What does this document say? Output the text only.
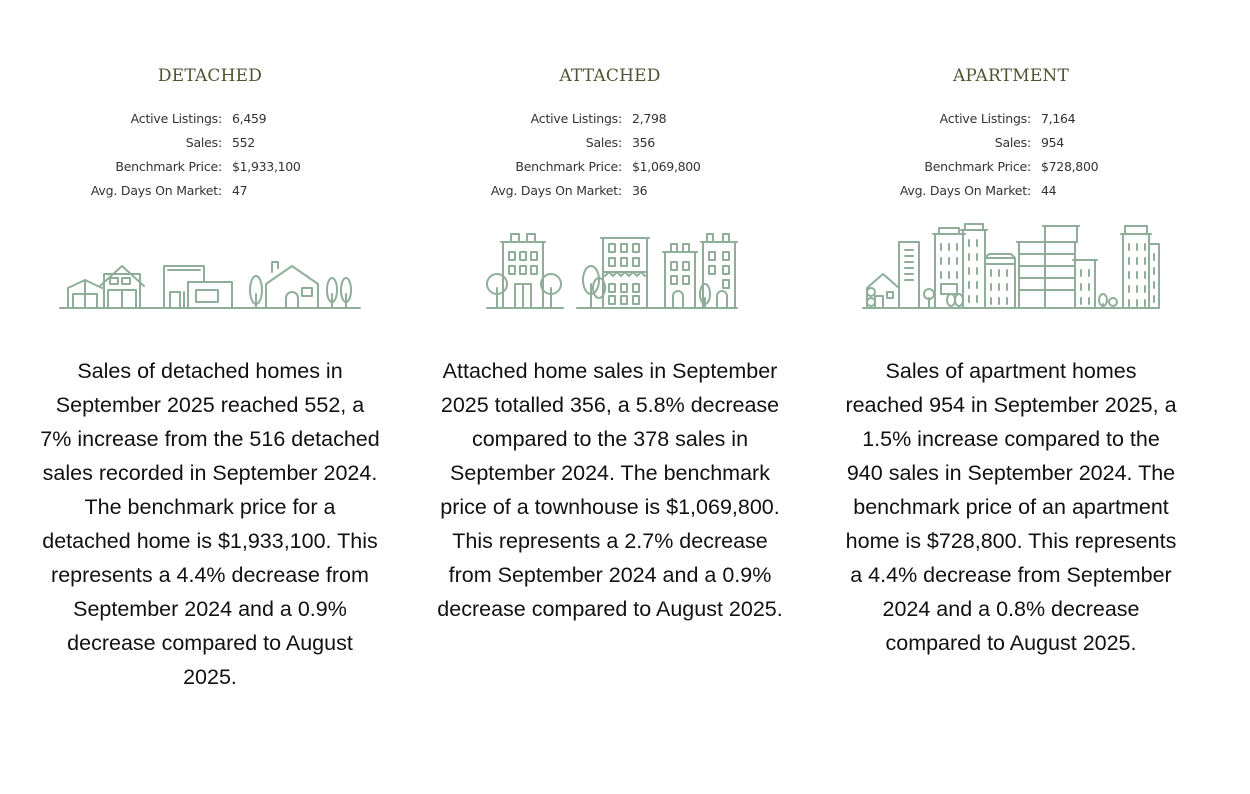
DETACHED
Active Listings: 6,459
Sales: 552
Benchmark Price: $1,933,100
Avg. Days On Market: 47

Sales of detached homes in September 2025 reached 552, a 7% increase from the 516 detached sales recorded in September 2024. The benchmark price for a detached home is $1,933,100. This represents a 4.4% decrease from September 2024 and a 0.9% decrease compared to August 2025.

ATTACHED
Active Listings: 2,798
Sales: 356
Benchmark Price: $1,069,800
Avg. Days On Market: 36

Attached home sales in September 2025 totalled 356, a 5.8% decrease compared to the 378 sales in September 2024. The benchmark price of a townhouse is $1,069,800. This represents a 2.7% decrease from September 2024 and a 0.9% decrease compared to August 2025.

APARTMENT
Active Listings: 7,164
Sales: 954
Benchmark Price: $728,800
Avg. Days On Market: 44

Sales of apartment homes reached 954 in September 2025, a 1.5% increase compared to the 940 sales in September 2024. The benchmark price of an apartment home is $728,800. This represents a 4.4% decrease from September 2024 and a 0.8% decrease compared to August 2025.
